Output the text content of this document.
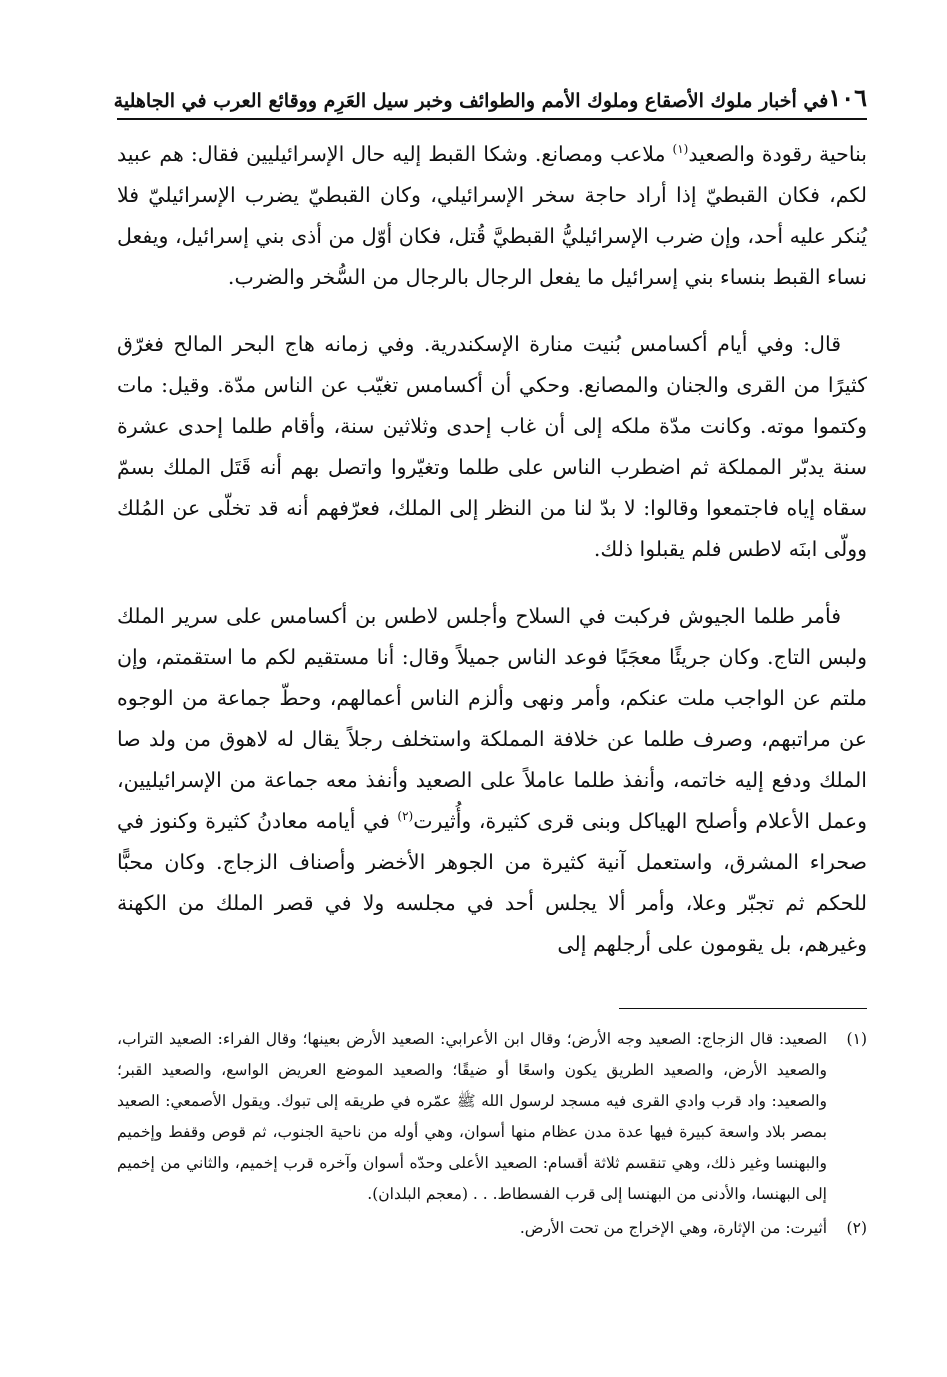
١٠٦
في أخبار ملوك الأصقاع وملوك الأمم والطوائف وخبر سيل العَرِم ووقائع العرب في الجاهلية

بناحية رقودة والصعيد$^{(١)}$ ملاعب ومصانع. وشكا القبط إليه حال الإسرائيليين فقال: هم عبيد لكم، فكان القبطيّ إذا أراد حاجة سخر الإسرائيلي، وكان القبطيّ يضرب الإسرائيليّ فلا يُنكر عليه أحد، وإن ضرب الإسرائيليُّ القبطيَّ قُتل، فكان أوّل من أذى بني إسرائيل، ويفعل نساء القبط بنساء بني إسرائيل ما يفعل الرجال بالرجال من السُّخر والضرب.

قال: وفي أيام أكسامس بُنيت منارة الإسكندرية. وفي زمانه هاج البحر المالح فغرّق كثيرًا من القرى والجنان والمصانع. وحكي أن أكسامس تغيّب عن الناس مدّة. وقيل: مات وكتموا موته. وكانت مدّة ملكه إلى أن غاب إحدى وثلاثين سنة، وأقام طلما إحدى عشرة سنة يدبّر المملكة ثم اضطرب الناس على طلما وتغيّروا واتصل بهم أنه قَتَل الملك بسمّ سقاه إياه فاجتمعوا وقالوا: لا بدّ لنا من النظر إلى الملك، فعرّفهم أنه قد تخلّى عن المُلك وولّى ابنَه لاطس فلم يقبلوا ذلك.

فأمر طلما الجيوش فركبت في السلاح وأجلس لاطس بن أكسامس على سرير الملك ولبس التاج. وكان جريئًا معجَبًا فوعد الناس جميلاً وقال: أنا مستقيم لكم ما استقمتم، وإن ملتم عن الواجب ملت عنكم، وأمر ونهى وألزم الناس أعمالهم، وحطّ جماعة من الوجوه عن مراتبهم، وصرف طلما عن خلافة المملكة واستخلف رجلاً يقال له لاهوق من ولد صا الملك ودفع إليه خاتمه، وأنفذ طلما عاملاً على الصعيد وأنفذ معه جماعة من الإسرائيليين، وعمل الأعلام وأصلح الهياكل وبنى قرى كثيرة، وأُثيرت$^{(٢)}$ في أيامه معادنُ كثيرة وكنوز في صحراء المشرق، واستعمل آنية كثيرة من الجوهر الأخضر وأصناف الزجاج. وكان محبًّا للحكم ثم تجبّر وعلا، وأمر ألا يجلس أحد في مجلسه ولا في قصر الملك من الكهنة وغيرهم، بل يقومون على أرجلهم إلى

(١)
الصعيد: قال الزجاج: الصعيد وجه الأرض؛ وقال ابن الأعرابي: الصعيد الأرض بعينها؛ وقال الفراء: الصعيد التراب، والصعيد الأرض، والصعيد الطريق يكون واسعًا أو ضيقًا؛ والصعيد الموضع العريض الواسع، والصعيد القبر؛ والصعيد: واد قرب وادي القرى فيه مسجد لرسول الله ﷺ عمّره في طريقه إلى تبوك. ويقول الأصمعي: الصعيد بمصر بلاد واسعة كبيرة فيها عدة مدن عظام منها أسوان، وهي أوله من ناحية الجنوب، ثم قوص وقفط وإخميم والبهنسا وغير ذلك، وهي تنقسم ثلاثة أقسام: الصعيد الأعلى وحدّه أسوان وآخره قرب إخميم، والثاني من إخميم إلى البهنسا، والأدنى من البهنسا إلى قرب الفسطاط. . . (معجم البلدان).
(٢)
أثيرت: من الإثارة، وهي الإخراج من تحت الأرض.
